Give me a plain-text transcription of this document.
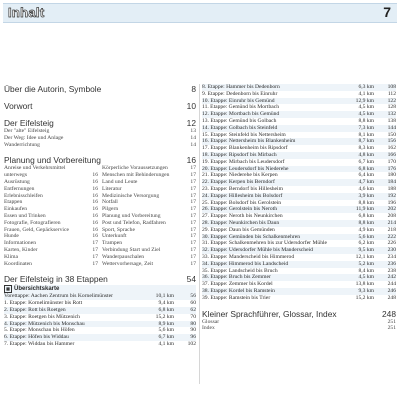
Inhalt	7
Über die Autorin, Symbole	8
Vorwort	10
Der Eifelsteig	12
Der "alte" Eifelsteig	13
Der Weg: Idee und Anlage	14
Wanderrichtung	14
Planung und Vorbereitung	16
Anreise und Verkehrsmittel
unterwegs	16
Ausrüstung	16
Entfernungen	16
Erlebnisschleifen	16
Etappen	16
Einkaufen	16
Essen und Trinken	16
Fotografie, Fotografieren	16
Frauen, Geld, Gepäckservice	16
Hunde	16
Informationen	17
Karten, Kinder	17
Klima	17
Koordinaten	17
Körperliche Voraussetzungen	17
Menschen mit Behinderungen	17
Land und Leute	17
Literatur	17
Medizinische Versorgung	17
Notfall	17
Pilgern	17
Planung und Vorbereitung	17
Post und Telefon, Radfahren	17
Sport, Sprache	17
Unterkunft	17
Trampen	17
Verbindung Start und Ziel	17
Wanderpauschalen	17
Wettervorhersage, Zeit	17
Der Eifelsteig in 38 Etappen	54
▦ Übersichtskarte
Vorettappe: Aachen Zentrum bis Kornelimünster	10,1 km	56
1. Etappe: Kornelimünster bis Rott	9,4 km	60
2. Etappe: Rott bis Roetgen	6,8 km	62
3. Etappe: Roetgen bis Mützenich	15,2 km	70
4. Etappe: Mützenich bis Monschau	8,9 km	80
5. Etappe: Monschau bis Höfen	5,6 km	90
6. Etappe: Höfen bis Widdau	6,7 km	96
7. Etappe: Widdau bis Hammer	4,1 km	102
8. Etappe: Hammer bis Dedenborn	6,3 km	108
9. Etappe: Dedenborn bis Einruhr	4,1 km	112
10. Etappe: Einruhr bis Gemünd	12,9 km	122
11. Etappe: Gemünd bis Mortbach	4,5 km	128
12. Etappe: Mortbach bis Gemünd	4,5 km	132
13. Etappe: Gemünd bis Golbach	8,8 km	138
14. Etappe: Golbach bis Steinfeld	7,3 km	144
15. Etappe: Steinfeld bis Nettersheim	8,1 km	150
16. Etappe: Nettersheim bis Blankenheim	8,7 km	156
17. Etappe: Blankenheim bis Ripsdorf	8,3 km	162
18. Etappe: Ripsdorf bis Mirbach	4,8 km	166
19. Etappe: Mirbach bis Leudersdorf	6,7 km	170
20. Etappe: Leudersdorf bis Niederehe	6,8 km	176
21. Etappe: Niederehe bis Kerpen	6,4 km	180
22. Etappe: Kerpen bis Berndorf	4,7 km	184
23. Etappe: Berndorf bis Hillesheim	4,6 km	188
24. Etappe: Hillesheim bis Bolsdorf	3,9 km	192
25. Etappe: Bolsdorf bis Gerolstein	8,8 km	196
26. Etappe: Gerolstein bis Neroth	11,9 km	202
27. Etappe: Neroth bis Neunkirchen	6,8 km	208
28. Etappe: Neunkirchen bis Daun	8,8 km	214
29. Etappe: Daun bis Gemünden	4,9 km	218
30. Etappe: Gemünden bis Schalkenmehren	5,6 km	222
31. Etappe: Schalkenmehren bis zur Udersdorfer Mühle	6,2 km	226
32. Etappe: Udersdorfer Mühle bis Manderscheid	9,5 km	230
33. Etappe: Manderscheid bis Himmerod	12,1 km	234
34. Etappe: Himmerod bis Landscheid	5,2 km	236
35. Etappe: Landscheid bis Bruch	8,4 km	238
36. Etappe: Bruch bis Zemmer	4,5 km	242
37. Etappe: Zemmer bis Kordel	13,8 km	244
38. Etappe: Kordel bis Ramstein	9,3 km	246
39. Etappe: Ramstein bis Trier	15,2 km	248
Kleiner Sprachführer, Glossar, Index	248
Glossar	251
Index	251
